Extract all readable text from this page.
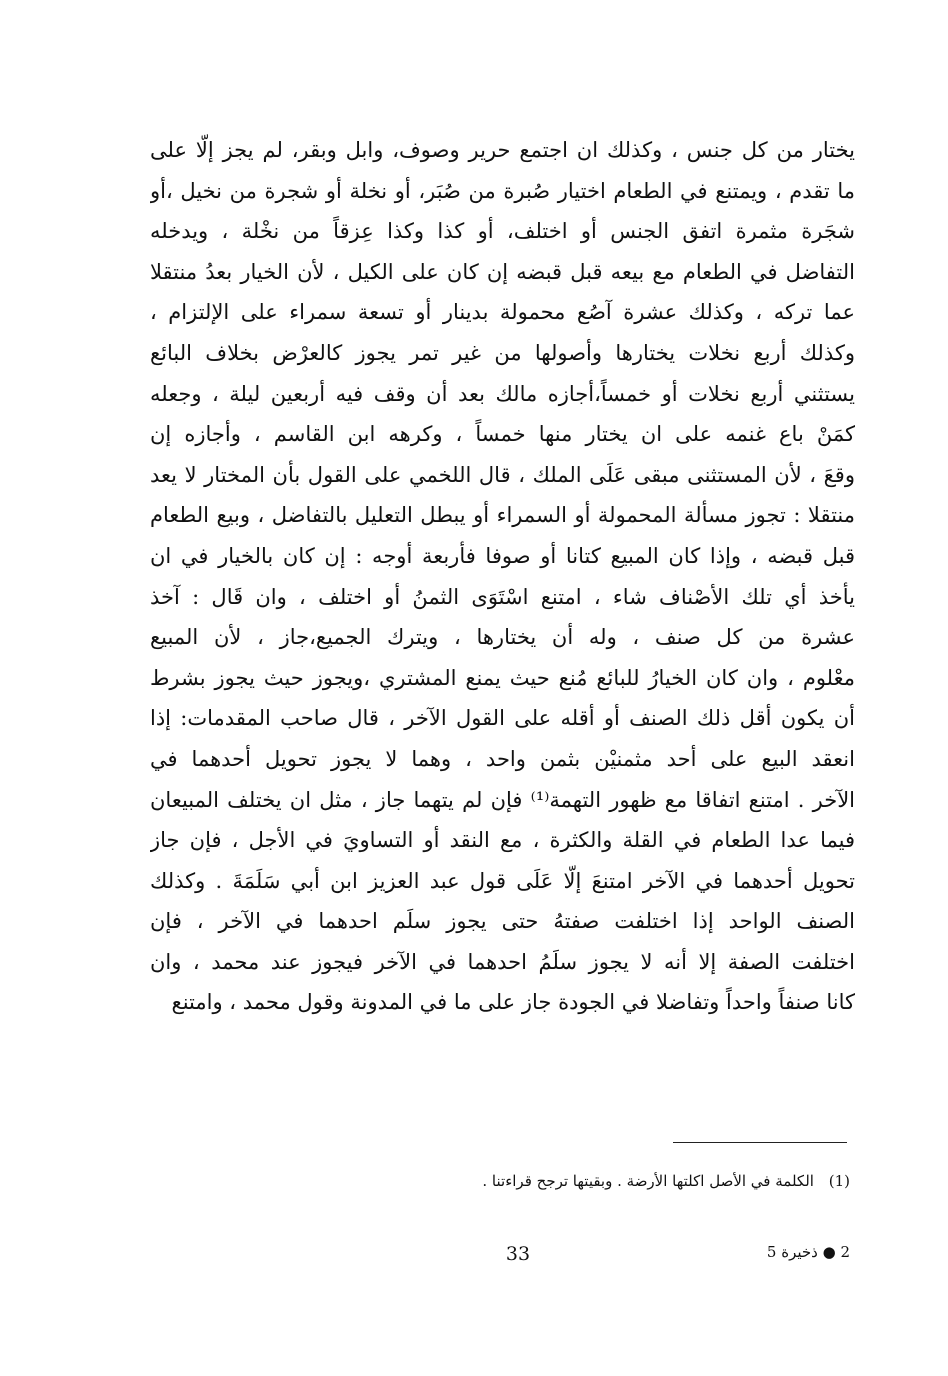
يختار من كل جنس ، وكذلك ان اجتمع حرير وصوف، وابل وبقر، لم يجز إلّا على
ما تقدم ، ويمتنع في الطعام اختيار صُبرة من صُبَر، أو نخلة أو شجرة من نخيل ،أو
شجَرة مثمرة اتفق الجنس أو اختلف، أو كذا وكذا عِزقاً من نخْلة ، ويدخله
التفاضل في الطعام مع بيعه قبل قبضه إن كان على الكيل ، لأن الخيار بعدُ منتقلا
عما تركه ، وكذلك عشرة آصُع محمولة بدينار أو تسعة سمراء على الإلتزام ،
وكذلك أربع نخلات يختارها وأصولها من غير تمر يجوز كالعرْض بخلاف البائع
يستثني أربع نخلات أو خمساً،أجازه مالك بعد أن وقف فيه أربعين ليلة ، وجعله
كمَنْ باع غنمه على ان يختار منها خمساً ، وكرهه ابن القاسم ، وأجازه إن
وقعَ ، لأن المستثنى مبقى عَلَى الملك ، قال اللخمي على القول بأن المختار لا يعد
منتقلا : تجوز مسألة المحمولة أو السمراء أو يبطل التعليل بالتفاضل ، وبيع الطعام
قبل قبضه ، وإذا كان المبيع كتانا أو صوفا فأربعة أوجه : إن كان بالخيار في ان
يأخذ أي تلك الأصْناف شاء ، امتنع اسْتَوَى الثمنُ أو اختلف ، وان قَال : آخذ
عشرة من كل صنف ، وله أن يختارها ، ويترك الجميع،جاز ، لأن المبيع
معْلوم ، وان كان الخيارُ للبائع مُنع حيث يمنع المشتري ،ويجوز حيث يجوز بشرط
أن يكون أقل ذلك الصنف أو أقله على القول الآخر ، قال صاحب المقدمات: إذا
انعقد البيع على أحد مثمنيْن بثمن واحد ، وهما لا يجوز تحويل أحدهما في
الآخر . امتنع اتفاقا مع ظهور التهمة⁽¹⁾ فإن لم يتهما جاز ، مثل ان يختلف المبيعان
فيما عدا الطعام في القلة والكثرة ، مع النقد أو التساويَ في الأجل ، فإن جاز
تحويل أحدهما في الآخر امتنعَ إلّا عَلَى قول عبد العزيز ابن أبي سَلَمَةَ . وكذلك
الصنف الواحد إذا اختلفت صفتهُ حتى يجوز سلَم احدهما في الآخر ، فإن
اختلفت الصفة إلا أنه لا يجوز سلَمُ احدهما في الآخر فيجوز عند محمد ، وان
كانا صنفاً واحداً وتفاضلا في الجودة جاز على ما في المدونة وقول محمد ، وامتنع
(1) الكلمة في الأصل اكلتها الأرضة . وبقيتها ترجح قراءتنا .
33	2 ● ذخيرة 5
